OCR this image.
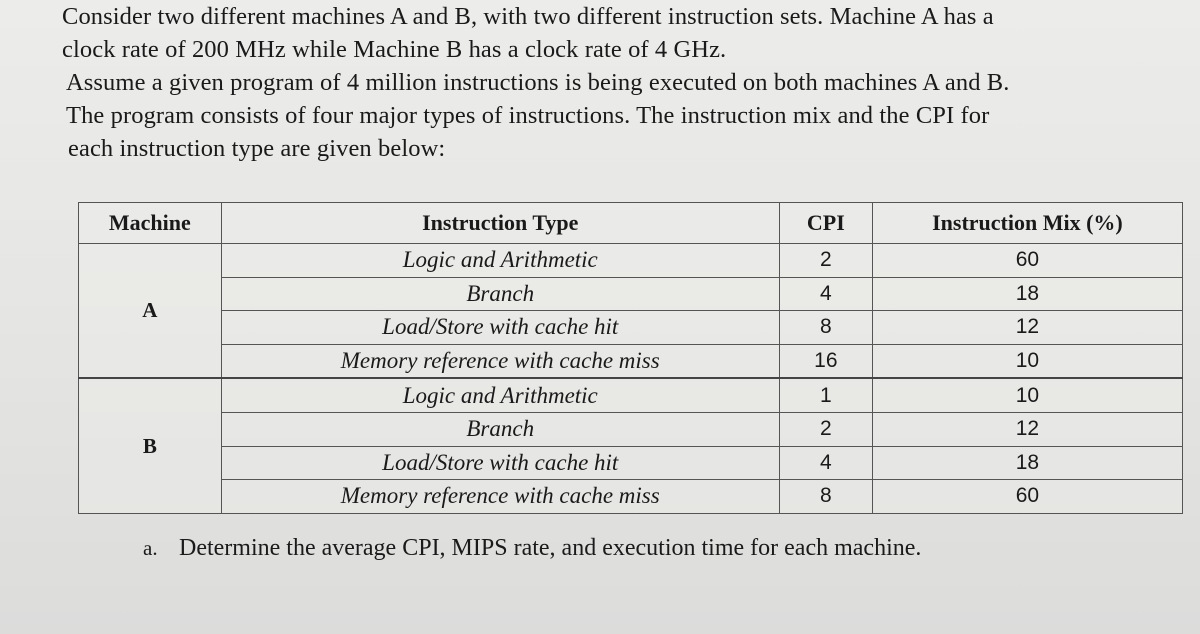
Consider two different machines A and B, with two different instruction sets. Machine A has a

clock rate of 200 MHz while Machine B has a clock rate of 4 GHz.

Assume a given program of 4 million instructions is being executed on both machines A and B.

The program consists of four major types of instructions. The instruction mix and the CPI for

each instruction type are given below:

Machine	Instruction Type	CPI	Instruction Mix (%)
A	Logic and Arithmetic	2	60
	Branch	4	18
	Load/Store with cache hit	8	12
	Memory reference with cache miss	16	10
B	Logic and Arithmetic	1	10
	Branch	2	12
	Load/Store with cache hit	4	18
	Memory reference with cache miss	8	60
a. Determine the average CPI, MIPS rate, and execution time for each machine.
